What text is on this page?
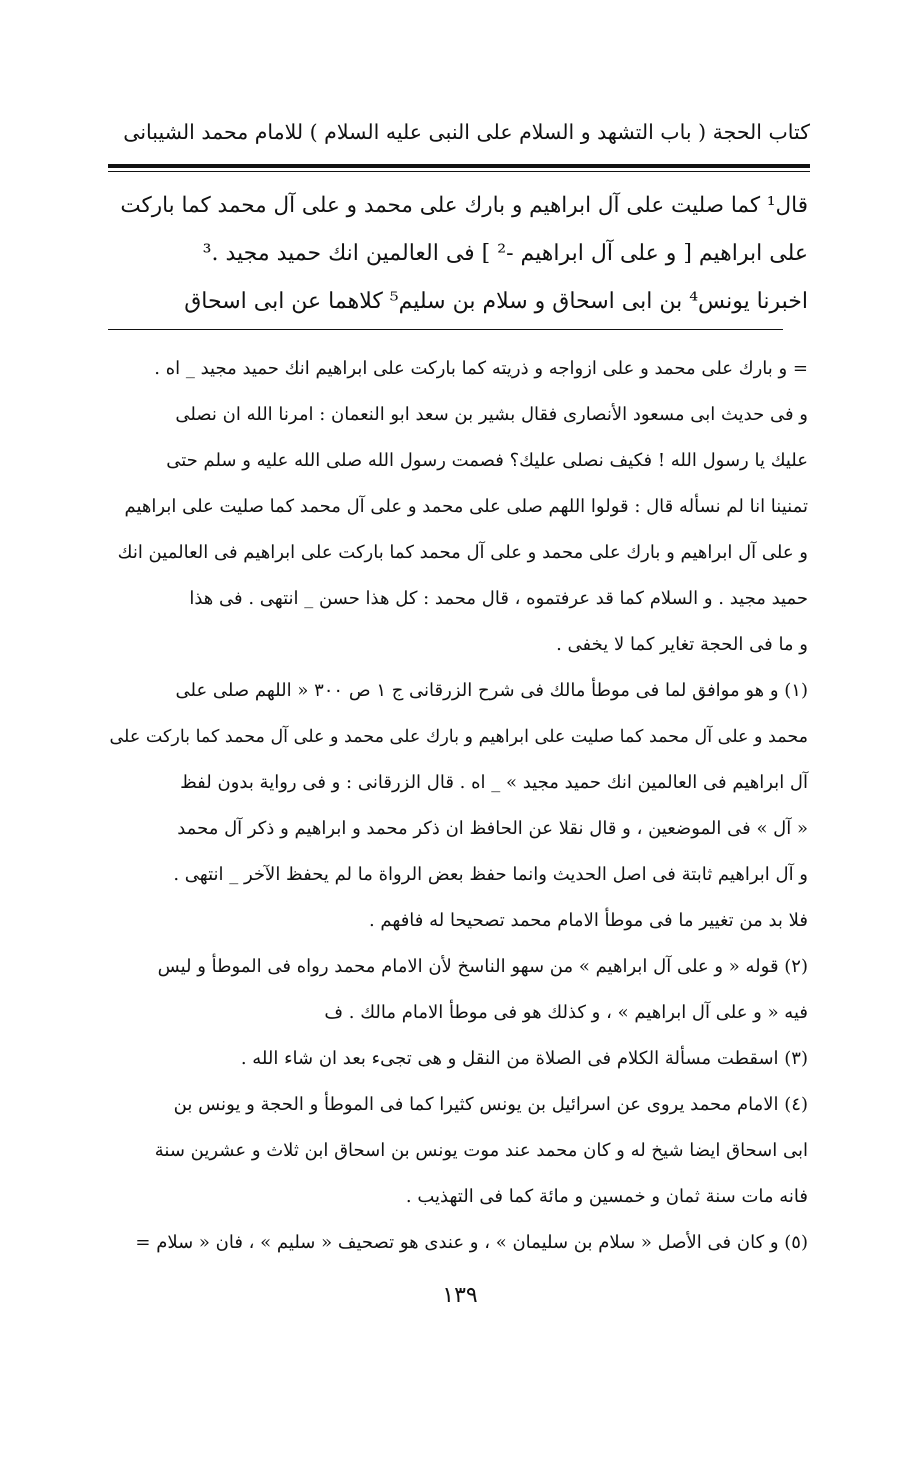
كتاب الحجة ( باب التشهد و السلام على النبى عليه السلام ) للامام محمد الشيبانى
قال¹ كما صليت على آل ابراهيم و بارك على محمد و على آل محمد كما باركت
على ابراهيم [ و على آل ابراهيم -² ] فى العالمين انك حميد مجيد .³
اخبرنا يونس⁴ بن ابى اسحاق و سلام بن سليم⁵ كلاهما عن ابى اسحاق
= و بارك على محمد و على ازواجه و ذريته كما باركت على ابراهيم انك حميد مجيد _ اه .
و فى حديث ابى مسعود الأنصارى فقال بشير بن سعد ابو النعمان : امرنا الله ان نصلى
عليك يا رسول الله ! فكيف نصلى عليك؟ فصمت رسول الله صلى الله عليه و سلم حتى
تمنينا انا لم نسأله قال : قولوا اللهم صلى على محمد و على آل محمد كما صليت على ابراهيم
و على آل ابراهيم و بارك على محمد و على آل محمد كما باركت على ابراهيم فى العالمين انك
حميد مجيد . و السلام كما قد عرفتموه ، قال محمد : كل هذا حسن _ انتهى . فى هذا
و ما فى الحجة تغاير كما لا يخفى .
(١) و هو موافق لما فى موطأ مالك فى شرح الزرقانى ج ١ ص ٣٠٠ « اللهم صلى على
محمد و على آل محمد كما صليت على ابراهيم و بارك على محمد و على آل محمد كما باركت على
آل ابراهيم فى العالمين انك حميد مجيد » _ اه . قال الزرقانى : و فى رواية بدون لفظ
« آل » فى الموضعين ، و قال نقلا عن الحافظ ان ذكر محمد و ابراهيم و ذكر آل محمد
و آل ابراهيم ثابتة فى اصل الحديث وانما حفظ بعض الرواة ما لم يحفظ الآخر _ انتهى .
فلا بد من تغيير ما فى موطأ الامام محمد تصحيحا له فافهم .
(٢) قوله « و على آل ابراهيم » من سهو الناسخ لأن الامام محمد رواه فى الموطأ و ليس
فيه « و على آل ابراهيم » ، و كذلك هو فى موطأ الامام مالك . ف
(٣) اسقطت مسألة الكلام فى الصلاة من النقل و هى تجىء بعد ان شاء الله .
(٤) الامام محمد يروى عن اسرائيل بن يونس كثيرا كما فى الموطأ و الحجة و يونس بن
ابى اسحاق ايضا شيخ له و كان محمد عند موت يونس بن اسحاق ابن ثلاث و عشرين سنة
فانه مات سنة ثمان و خمسين و مائة كما فى التهذيب .
(٥) و كان فى الأصل « سلام بن سليمان » ، و عندى هو تصحيف « سليم » ، فان « سلام =
١٣٩
